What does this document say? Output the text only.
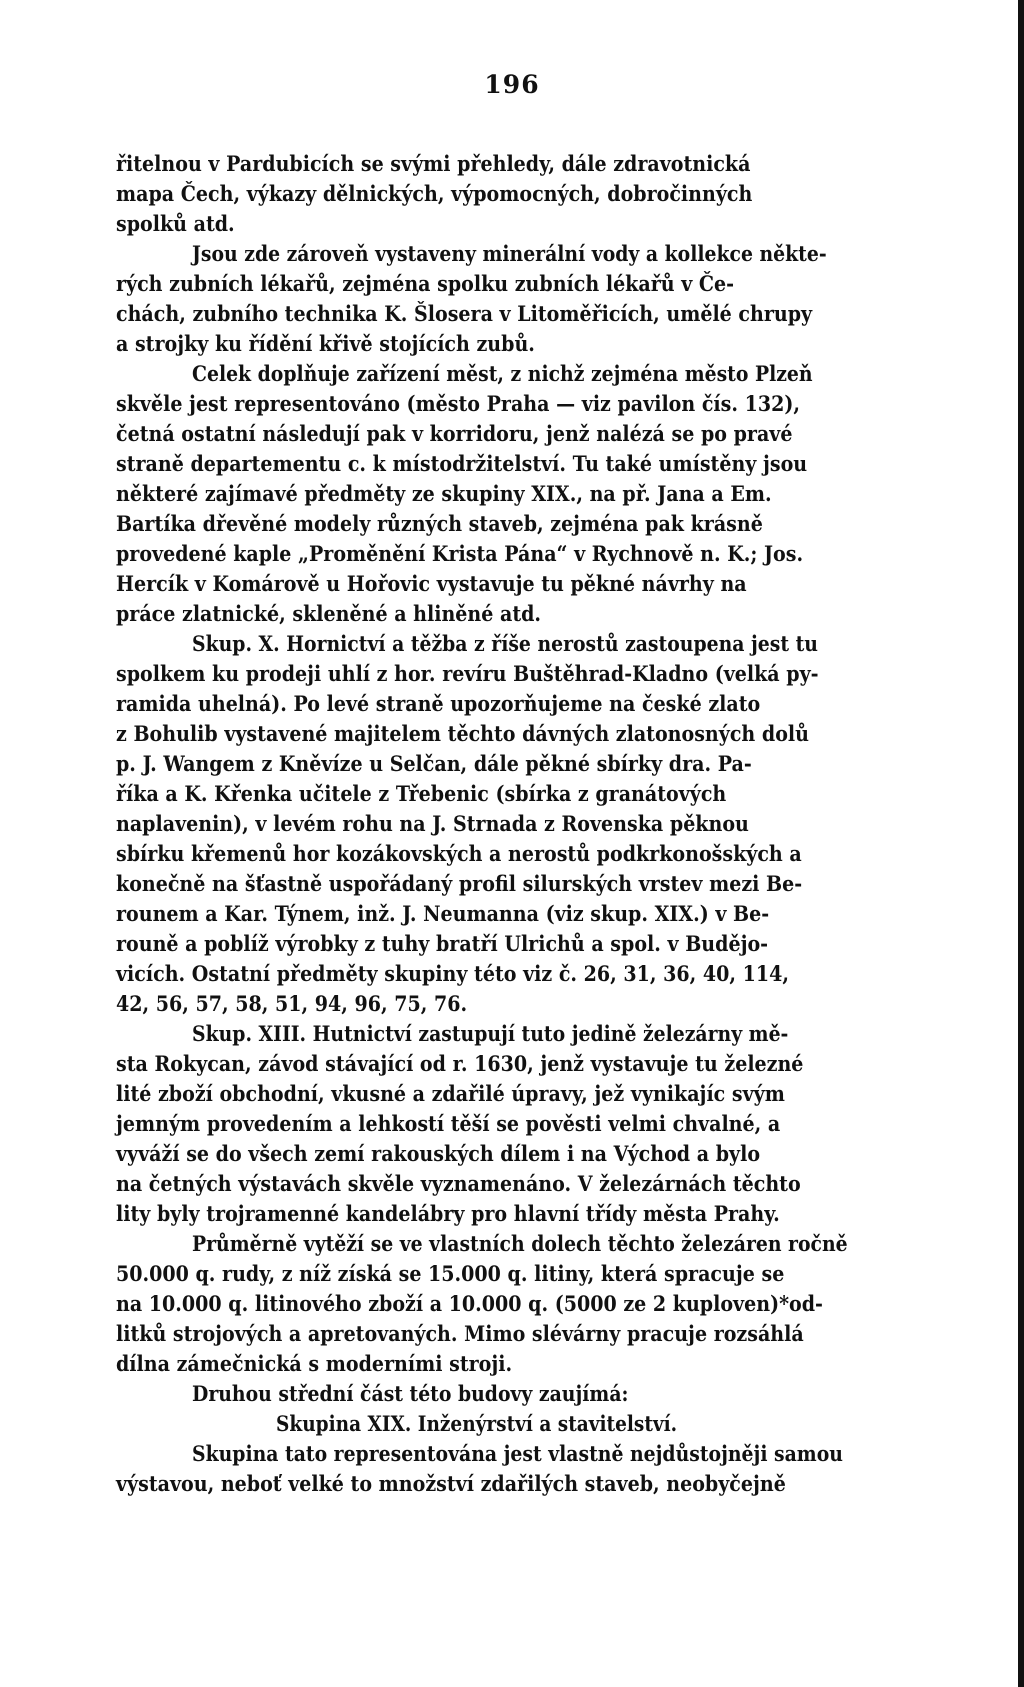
196
řitelnou v Pardubicích se svými přehledy, dále zdravotnická
mapa Čech, výkazy dělnických, výpomocných, dobročinných
spolků atd.
Jsou zde zároveň vystaveny minerální vody a kollekce někte-
rých zubních lékařů, zejména spolku zubních lékařů v Če-
chách, zubního technika K. Šlosera v Litoměřicích, umělé chrupy
a strojky ku řídění křivě stojících zubů.
Celek doplňuje zařízení měst, z nichž zejména město Plzeň
skvěle jest representováno (město Praha — viz pavilon čís. 132),
četná ostatní následují pak v korridoru, jenž nalézá se po pravé
straně departementu c. k místodržitelství. Tu také umístěny jsou
některé zajímavé předměty ze skupiny XIX., na př. Jana a Em.
Bartíka dřevěné modely různých staveb, zejména pak krásně
provedené kaple „Proměnění Krista Pána“ v Rychnově n. K.; Jos.
Hercík v Komárově u Hořovic vystavuje tu pěkné návrhy na
práce zlatnické, skleněné a hliněné atd.
Skup. X. Hornictví a těžba z říše nerostů zastoupena jest tu
spolkem ku prodeji uhlí z hor. revíru Buštěhrad-Kladno (velká py-
ramida uhelná). Po levé straně upozorňujeme na české zlato
z Bohulib vystavené majitelem těchto dávných zlatonosných dolů
p. J. Wangem z Kněvíze u Selčan, dále pěkné sbírky dra. Pa-
říka a K. Křenka učitele z Třebenic (sbírka z granátových
naplavenin), v levém rohu na J. Strnada z Rovenska pěknou
sbírku křemenů hor kozákovských a nerostů podkrkonošských a
konečně na šťastně uspořádaný profil silurských vrstev mezi Be-
rounem a Kar. Týnem, inž. J. Neumanna (viz skup. XIX.) v Be-
rouně a poblíž výrobky z tuhy bratří Ulrichů a spol. v Budějo-
vicích. Ostatní předměty skupiny této viz č. 26, 31, 36, 40, 114,
42, 56, 57, 58, 51, 94, 96, 75, 76.
Skup. XIII. Hutnictví zastupují tuto jedině železárny mě-
sta Rokycan, závod stávající od r. 1630, jenž vystavuje tu železné
lité zboží obchodní, vkusné a zdařilé úpravy, jež vynikajíc svým
jemným provedením a lehkostí těší se pověsti velmi chvalné, a
vyváží se do všech zemí rakouských dílem i na Východ a bylo
na četných výstavách skvěle vyznamenáno. V železárnách těchto
lity byly trojramenné kandelábry pro hlavní třídy města Prahy.
Průměrně vytěží se ve vlastních dolech těchto železáren ročně
50.000 q. rudy, z níž získá se 15.000 q. litiny, která spracuje se
na 10.000 q. litinového zboží a 10.000 q. (5000 ze 2 kuploven)*od-
litků strojových a apretovaných. Mimo slévárny pracuje rozsáhlá
dílna zámečnická s moderními stroji.
Druhou střední část této budovy zaujímá:
Skupina XIX. Inženýrství a stavitelství.
Skupina tato representována jest vlastně nejdůstojněji samou
výstavou, neboť velké to množství zdařilých staveb, neobyčejně
